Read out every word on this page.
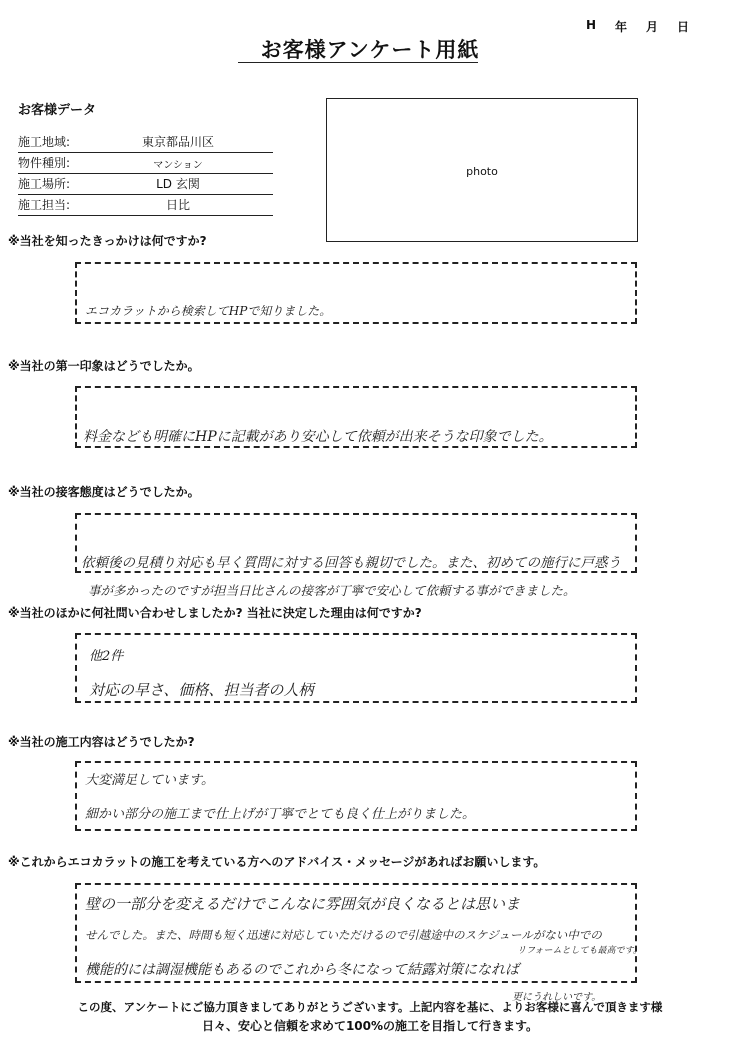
H 年 月 日
お客様アンケート用紙
お客様データ
施工地域:	東京都品川区
物件種別:	マンション
施工場所:	LD 玄関
施工担当:	日比
photo
※当社を知ったきっかけは何ですか?
エコカラットから検索してHPで知りました。
※当社の第一印象はどうでしたか。
料金なども明確にHPに記載があり安心して依頼が出来そうな印象でした。
※当社の接客態度はどうでしたか。
依頼後の見積り対応も早く質問に対する回答も親切でした。また、初めての施行に戸惑う
事が多かったのですが担当日比さんの接客が丁寧で安心して依頼する事ができました。
※当社のほかに何社問い合わせしましたか? 当社に決定した理由は何ですか?
他2件
対応の早さ、価格、担当者の人柄
※当社の施工内容はどうでしたか?
大変満足しています。
細かい部分の施工まで仕上げが丁寧でとても良く仕上がりました。
※これからエコカラットの施工を考えている方へのアドバイス・メッセージがあればお願いします。
壁の一部分を変えるだけでこんなに雰囲気が良くなるとは思いま
せんでした。また、時間も短く迅速に対応していただけるので引越途中のスケジュールがない中での
リフォームとしても最高です。
機能的には調湿機能もあるのでこれから冬になって結露対策になれば
更にうれしいです。
この度、アンケートにご協力頂きましてありがとうございます。上記内容を基に、よりお客様に喜んで頂きます様
日々、安心と信頼を求めて100%の施工を目指して行きます。
